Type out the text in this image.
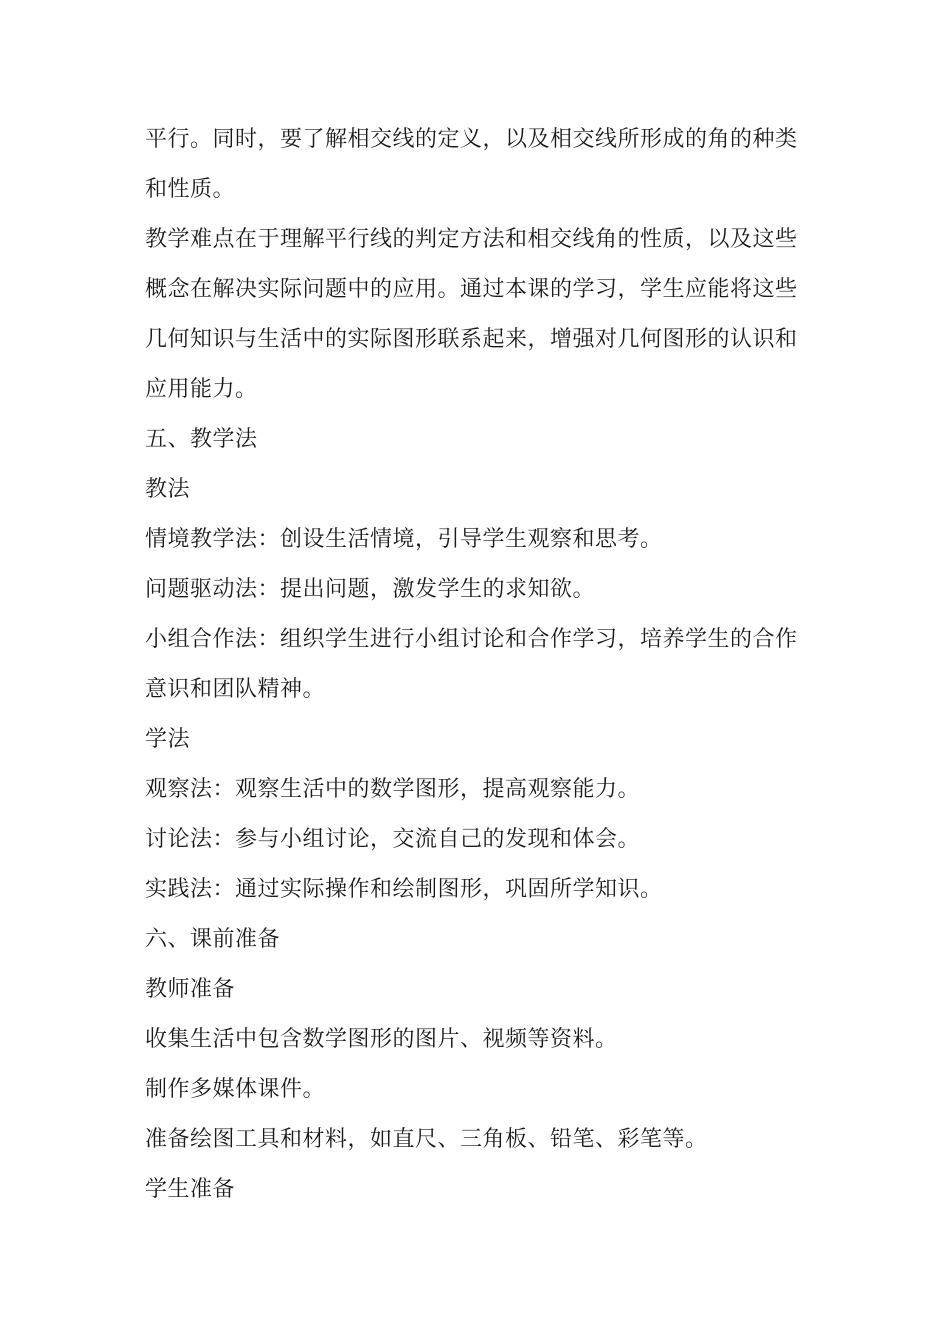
平行。同时，要了解相交线的定义，以及相交线所形成的角的种类
和性质。
教学难点在于理解平行线的判定方法和相交线角的性质，以及这些
概念在解决实际问题中的应用。通过本课的学习，学生应能将这些
几何知识与生活中的实际图形联系起来，增强对几何图形的认识和
应用能力。
五、教学法
教法
情境教学法：创设生活情境，引导学生观察和思考。
问题驱动法：提出问题，激发学生的求知欲。
小组合作法：组织学生进行小组讨论和合作学习，培养学生的合作
意识和团队精神。
学法
观察法：观察生活中的数学图形，提高观察能力。
讨论法：参与小组讨论，交流自己的发现和体会。
实践法：通过实际操作和绘制图形，巩固所学知识。
六、课前准备
教师准备
收集生活中包含数学图形的图片、视频等资料。
制作多媒体课件。
准备绘图工具和材料，如直尺、三角板、铅笔、彩笔等。
学生准备
